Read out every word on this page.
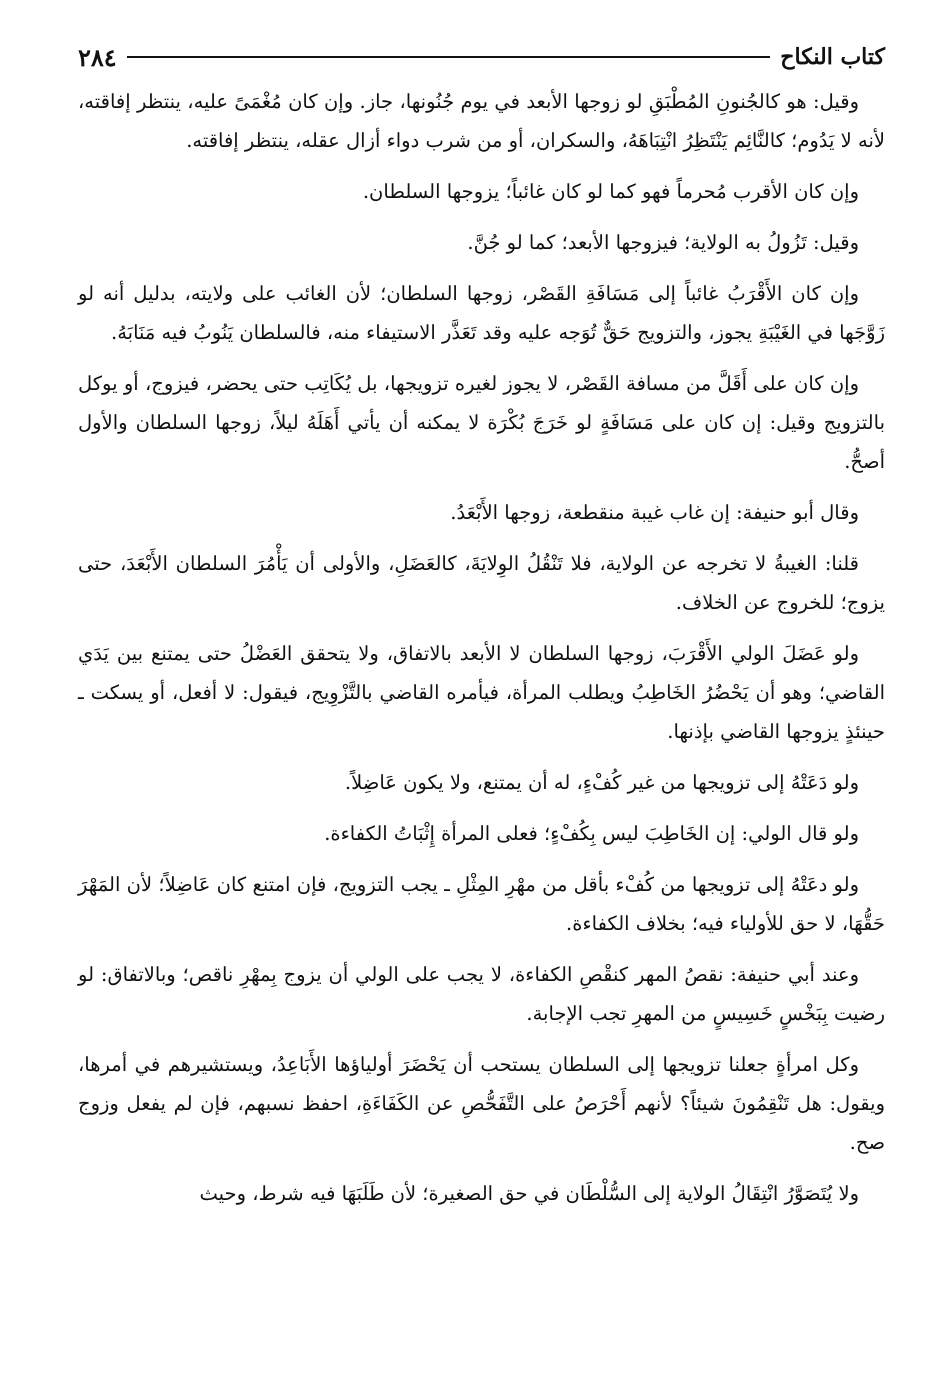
كتاب النكاح
٢٨٤

وقيل: هو كالجُنونِ المُطْبَقِ لو زوجها الأبعد في يوم جُنُونها، جاز. وإن كان مُغْمَىً عليه، ينتظر إفاقته، لأنه لا يَدُوم؛ كالنَّائِم يَنْتَظِرُ انْتِبَاهَهُ، والسكران، أو من شرب دواء أزال عقله، ينتظر إفاقته.

وإن كان الأقرب مُحرماً فهو كما لو كان غائباً؛ يزوجها السلطان.

وقيل: تَزُولُ به الولاية؛ فيزوجها الأبعد؛ كما لو جُنَّ.

وإن كان الأَقْرَبُ غائباً إلى مَسَافَةِ القَصْر، زوجها السلطان؛ لأن الغائب على ولايته، بدليل أنه لو زَوَّجَها في الغَيْبَةِ يجوز، والتزويج حَقٌّ تُوَجه عليه وقد تَعَذَّر الاستيفاء منه، فالسلطان يَنُوبُ فيه مَنَابَهُ.

وإن كان على أَقَلَّ من مسافة القَصْر، لا يجوز لغيره تزويجها، بل يُكَاتِب حتى يحضر، فيزوج، أو يوكل بالتزويج وقيل: إن كان على مَسَافَةٍ لو خَرَجَ بُكْرَة لا يمكنه أن يأتي أَهَلَهُ ليلاً، زوجها السلطان والأول أصحُّ.

وقال أبو حنيفة: إن غاب غيبة منقطعة، زوجها الأَبْعَدُ.

قلنا: الغيبةُ لا تخرجه عن الولاية، فلا تَنْقُلُ الوِلايَةَ، كالعَضَلِ، والأولى أن يَأْمُرَ السلطان الأَبْعَدَ، حتى يزوج؛ للخروج عن الخلاف.

ولو عَضَلَ الولي الأَقْرَبَ، زوجها السلطان لا الأبعد بالاتفاق، ولا يتحقق العَضْلُ حتى يمتنع بين يَدَي القاضي؛ وهو أن يَحْضُرُ الخَاطِبُ ويطلب المرأة، فيأمره القاضي بالتَّزْوِيج، فيقول: لا أفعل، أو يسكت ـ حينئذٍ يزوجها القاضي بإذنها.

ولو دَعَتْهُ إلى تزويجها من غير كُفْءٍ، له أن يمتنع، ولا يكون عَاضِلاً.

ولو قال الولي: إن الخَاطِبَ ليس بِكُفْءٍ؛ فعلى المرأة إِثْبَاتُ الكفاءة.

ولو دعَتْهُ إلى تزويجها من كُفْء بأقل من مهْرِ المِثْلِ ـ يجب التزويج، فإن امتنع كان عَاضِلاً؛ لأن المَهْرَ حَقُّهَا، لا حق للأولياء فيه؛ بخلاف الكفاءة.

وعند أبي حنيفة: نقصُ المهر كنقْصِ الكفاءة، لا يجب على الولي أن يزوج بِمهْرِ ناقص؛ وبالاتفاق: لو رضيت بِبَخْسٍ خَسِيسٍ من المهرِ تجب الإجابة.

وكل امرأةٍ جعلنا تزويجها إلى السلطان يستحب أن يَحْضَرَ أولياؤها الأَبَاعِدُ، ويستشيرهم في أمرها، ويقول: هل تَنْقِمُونَ شيئاً؟ لأنهم أَحْرَصُ على التَّفَحُّصِ عن الكَفَاءَةِ، احفظ نسبهم، فإن لم يفعل وزوج صح.

ولا يُتَصَوَّرُ انْتِقَالُ الولاية إلى السُّلْطَان في حق الصغيرة؛ لأن طَلَبَهَا فيه شرط، وحيث
